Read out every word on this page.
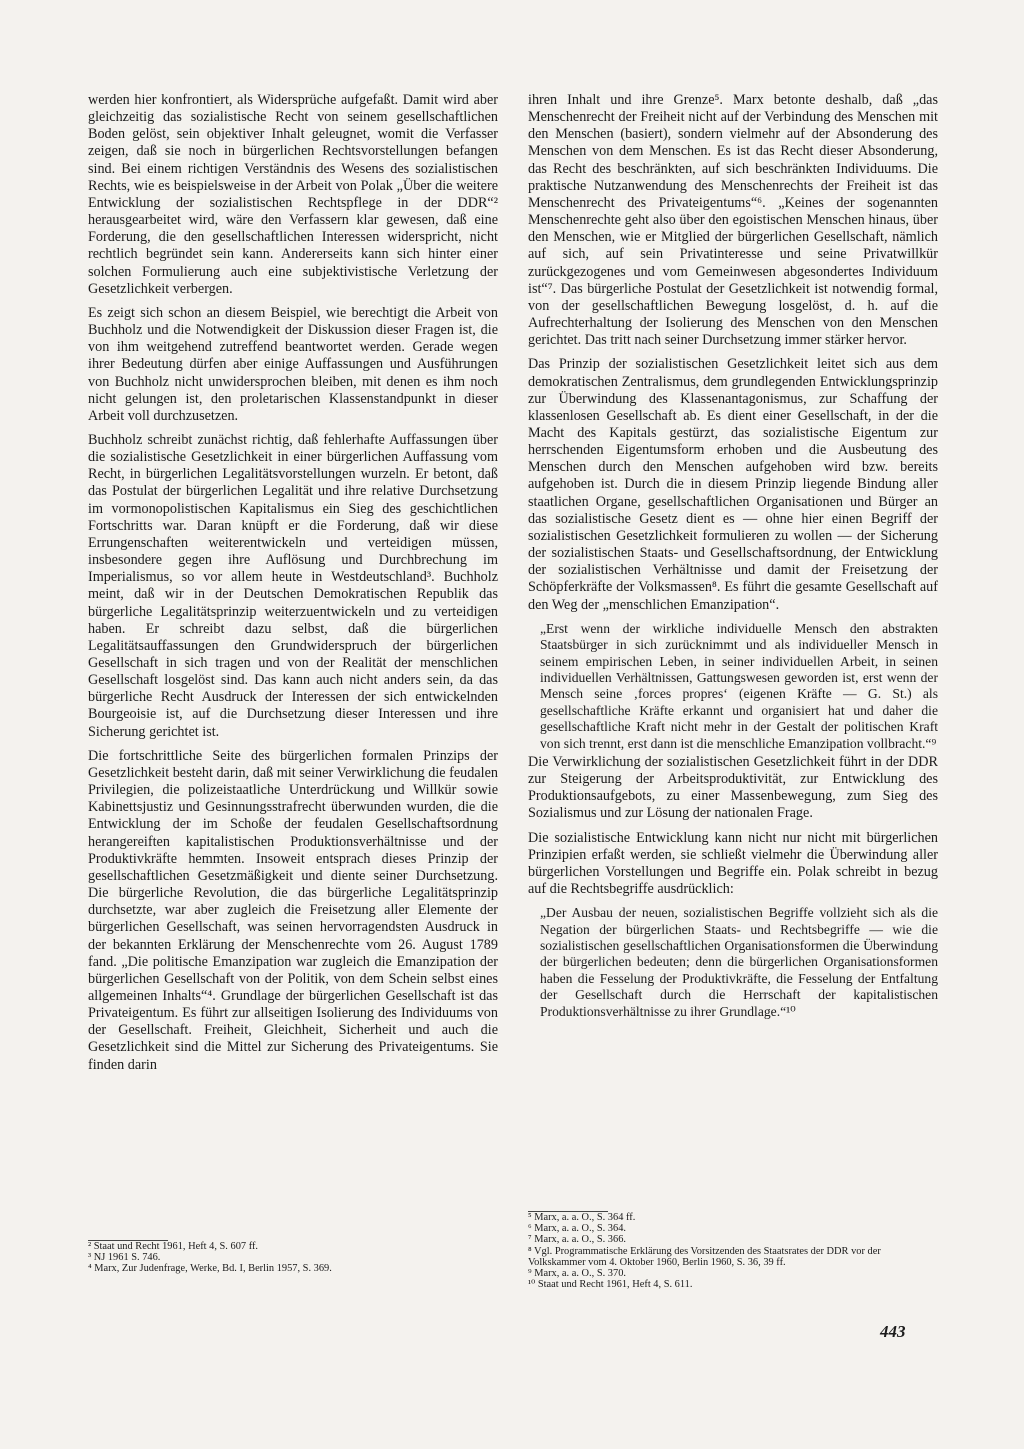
werden hier konfrontiert, als Widersprüche aufgefaßt. Damit wird aber gleichzeitig das sozialistische Recht von seinem gesellschaftlichen Boden gelöst, sein objektiver Inhalt geleugnet, womit die Verfasser zeigen, daß sie noch in bürgerlichen Rechtsvorstellungen befangen sind. Bei einem richtigen Verständnis des Wesens des sozialistischen Rechts, wie es beispielsweise in der Arbeit von Polak „Über die weitere Entwicklung der sozialistischen Rechtspflege in der DDR“² herausgearbeitet wird, wäre den Verfassern klar gewesen, daß eine Forderung, die den gesellschaftlichen Interessen widerspricht, nicht rechtlich begründet sein kann. Andererseits kann sich hinter einer solchen Formulierung auch eine subjektivistische Verletzung der Gesetzlichkeit verbergen.

Es zeigt sich schon an diesem Beispiel, wie berechtigt die Arbeit von Buchholz und die Notwendigkeit der Diskussion dieser Fragen ist, die von ihm weitgehend zutreffend beantwortet werden. Gerade wegen ihrer Bedeutung dürfen aber einige Auffassungen und Ausführungen von Buchholz nicht unwidersprochen bleiben, mit denen es ihm noch nicht gelungen ist, den proletarischen Klassenstandpunkt in dieser Arbeit voll durchzusetzen.

Buchholz schreibt zunächst richtig, daß fehlerhafte Auffassungen über die sozialistische Gesetzlichkeit in einer bürgerlichen Auffassung vom Recht, in bürgerlichen Legalitätsvorstellungen wurzeln. Er betont, daß das Postulat der bürgerlichen Legalität und ihre relative Durchsetzung im vormonopolistischen Kapitalismus ein Sieg des geschichtlichen Fortschritts war. Daran knüpft er die Forderung, daß wir diese Errungenschaften weiterentwickeln und verteidigen müssen, insbesondere gegen ihre Auflösung und Durchbrechung im Imperialismus, so vor allem heute in Westdeutschland³. Buchholz meint, daß wir in der Deutschen Demokratischen Republik das bürgerliche Legalitätsprinzip weiterzuentwickeln und zu verteidigen haben. Er schreibt dazu selbst, daß die bürgerlichen Legalitätsauffassungen den Grundwiderspruch der bürgerlichen Gesellschaft in sich tragen und von der Realität der menschlichen Gesellschaft losgelöst sind. Das kann auch nicht anders sein, da das bürgerliche Recht Ausdruck der Interessen der sich entwickelnden Bourgeoisie ist, auf die Durchsetzung dieser Interessen und ihre Sicherung gerichtet ist.

Die fortschrittliche Seite des bürgerlichen formalen Prinzips der Gesetzlichkeit besteht darin, daß mit seiner Verwirklichung die feudalen Privilegien, die polizeistaatliche Unterdrückung und Willkür sowie Kabinettsjustiz und Gesinnungsstrafrecht überwunden wurden, die die Entwicklung der im Schoße der feudalen Gesellschaftsordnung herangereiften kapitalistischen Produktionsverhältnisse und der Produktivkräfte hemmten. Insoweit entsprach dieses Prinzip der gesellschaftlichen Gesetzmäßigkeit und diente seiner Durchsetzung. Die bürgerliche Revolution, die das bürgerliche Legalitätsprinzip durchsetzte, war aber zugleich die Freisetzung aller Elemente der bürgerlichen Gesellschaft, was seinen hervorragendsten Ausdruck in der bekannten Erklärung der Menschenrechte vom 26. August 1789 fand. „Die politische Emanzipation war zugleich die Emanzipation der bürgerlichen Gesellschaft von der Politik, von dem Schein selbst eines allgemeinen Inhalts“⁴. Grundlage der bürgerlichen Gesellschaft ist das Privateigentum. Es führt zur allseitigen Isolierung des Individuums von der Gesellschaft. Freiheit, Gleichheit, Sicherheit und auch die Gesetzlichkeit sind die Mittel zur Sicherung des Privateigentums. Sie finden darin

² Staat und Recht 1961, Heft 4, S. 607 ff.
³ NJ 1961 S. 746.
⁴ Marx, Zur Judenfrage, Werke, Bd. I, Berlin 1957, S. 369.

ihren Inhalt und ihre Grenze⁵. Marx betonte deshalb, daß „das Menschenrecht der Freiheit nicht auf der Verbindung des Menschen mit den Menschen (basiert), sondern vielmehr auf der Absonderung des Menschen von dem Menschen. Es ist das Recht dieser Absonderung, das Recht des beschränkten, auf sich beschränkten Individuums. Die praktische Nutzanwendung des Menschenrechts der Freiheit ist das Menschenrecht des Privateigentums“⁶. „Keines der sogenannten Menschenrechte geht also über den egoistischen Menschen hinaus, über den Menschen, wie er Mitglied der bürgerlichen Gesellschaft, nämlich auf sich, auf sein Privatinteresse und seine Privatwillkür zurückgezogenes und vom Gemeinwesen abgesondertes Individuum ist“⁷. Das bürgerliche Postulat der Gesetzlichkeit ist notwendig formal, von der gesellschaftlichen Bewegung losgelöst, d. h. auf die Aufrechterhaltung der Isolierung des Menschen von den Menschen gerichtet. Das tritt nach seiner Durchsetzung immer stärker hervor.

Das Prinzip der sozialistischen Gesetzlichkeit leitet sich aus dem demokratischen Zentralismus, dem grundlegenden Entwicklungsprinzip zur Überwindung des Klassenantagonismus, zur Schaffung der klassenlosen Gesellschaft ab. Es dient einer Gesellschaft, in der die Macht des Kapitals gestürzt, das sozialistische Eigentum zur herrschenden Eigentumsform erhoben und die Ausbeutung des Menschen durch den Menschen aufgehoben wird bzw. bereits aufgehoben ist. Durch die in diesem Prinzip liegende Bindung aller staatlichen Organe, gesellschaftlichen Organisationen und Bürger an das sozialistische Gesetz dient es — ohne hier einen Begriff der sozialistischen Gesetzlichkeit formulieren zu wollen — der Sicherung der sozialistischen Staats- und Gesellschaftsordnung, der Entwicklung der sozialistischen Verhältnisse und damit der Freisetzung der Schöpferkräfte der Volksmassen⁸. Es führt die gesamte Gesellschaft auf den Weg der „menschlichen Emanzipation“.

„Erst wenn der wirkliche individuelle Mensch den abstrakten Staatsbürger in sich zurücknimmt und als individueller Mensch in seinem empirischen Leben, in seiner individuellen Arbeit, in seinen individuellen Verhältnissen, Gattungswesen geworden ist, erst wenn der Mensch seine ‚forces propres‘ (eigenen Kräfte — G. St.) als gesellschaftliche Kräfte erkannt und organisiert hat und daher die gesellschaftliche Kraft nicht mehr in der Gestalt der politischen Kraft von sich trennt, erst dann ist die menschliche Emanzipation vollbracht.“⁹

Die Verwirklichung der sozialistischen Gesetzlichkeit führt in der DDR zur Steigerung der Arbeitsproduktivität, zur Entwicklung des Produktionsaufgebots, zu einer Massenbewegung, zum Sieg des Sozialismus und zur Lösung der nationalen Frage.

Die sozialistische Entwicklung kann nicht nur nicht mit bürgerlichen Prinzipien erfaßt werden, sie schließt vielmehr die Überwindung aller bürgerlichen Vorstellungen und Begriffe ein. Polak schreibt in bezug auf die Rechtsbegriffe ausdrücklich:

„Der Ausbau der neuen, sozialistischen Begriffe vollzieht sich als die Negation der bürgerlichen Staats- und Rechtsbegriffe — wie die sozialistischen gesellschaftlichen Organisationsformen die Überwindung der bürgerlichen bedeuten; denn die bürgerlichen Organisationsformen haben die Fesselung der Produktivkräfte, die Fesselung der Entfaltung der Gesellschaft durch die Herrschaft der kapitalistischen Produktionsverhältnisse zu ihrer Grundlage.“¹⁰
⁵ Marx, a. a. O., S. 364 ff.
⁶ Marx, a. a. O., S. 364.
⁷ Marx, a. a. O., S. 366.
⁸ Vgl. Programmatische Erklärung des Vorsitzenden des Staatsrates der DDR vor der Volkskammer vom 4. Oktober 1960, Berlin 1960, S. 36, 39 ff.
⁹ Marx, a. a. O., S. 370.
¹⁰ Staat und Recht 1961, Heft 4, S. 611.
443
